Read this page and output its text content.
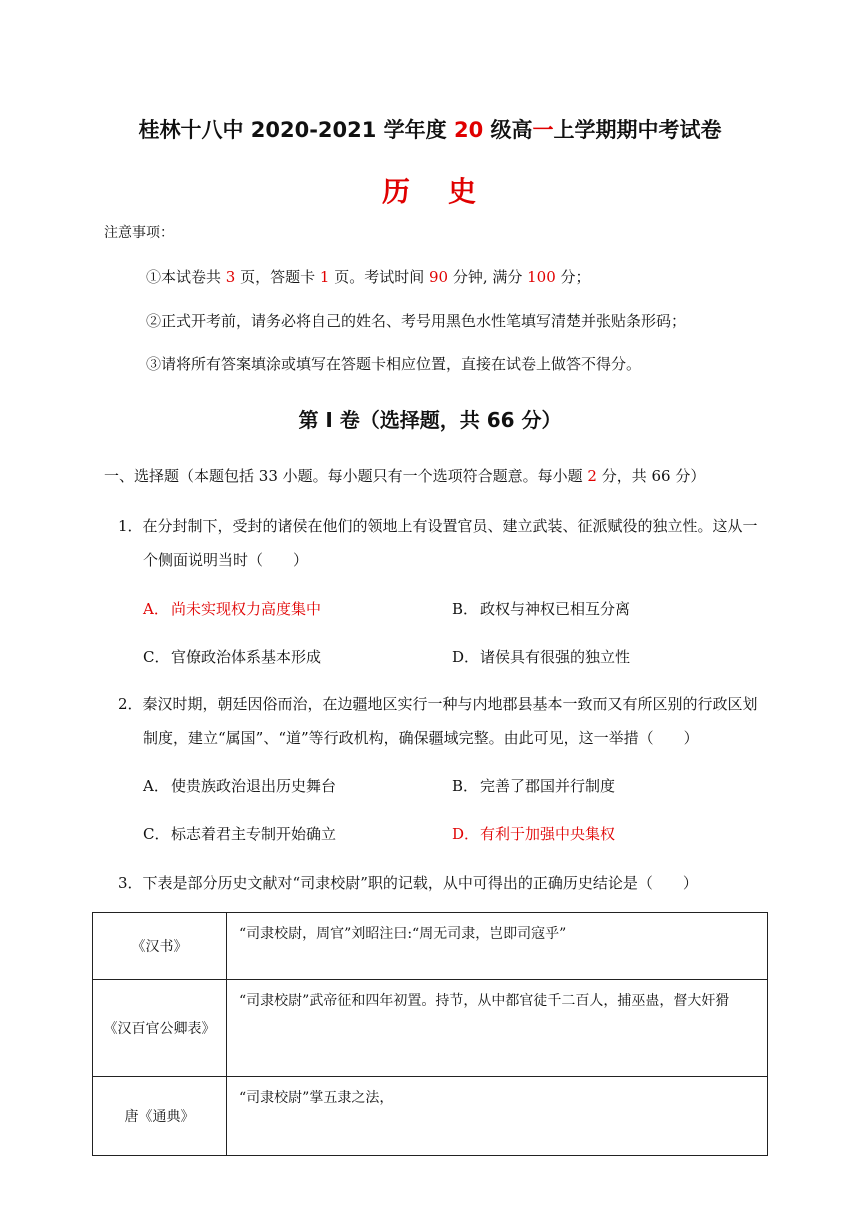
桂林十八中 2020-2021 学年度 20 级高一上学期期中考试卷
历 史
注意事项：
①本试卷共 3 页，答题卡 1 页。考试时间 90 分钟, 满分 100 分；
②正式开考前，请务必将自己的姓名、考号用黑色水性笔填写清楚并张贴条形码；
③请将所有答案填涂或填写在答题卡相应位置，直接在试卷上做答不得分。
第 I 卷（选择题，共 66 分）
一、选择题（本题包括 33 小题。每小题只有一个选项符合题意。每小题 2 分，共 66 分）
1．在分封制下，受封的诸侯在他们的领地上有设置官员、建立武装、征派赋役的独立性。这从一
个侧面说明当时（　　）
A． 尚未实现权力高度集中	B． 政权与神权已相互分离
C． 官僚政治体系基本形成	D．诸侯具有很强的独立性
2．秦汉时期，朝廷因俗而治，在边疆地区实行一种与内地郡县基本一致而又有所区别的行政区划
制度，建立“属国”、“道”等行政机构，确保疆域完整。由此可见，这一举措（　　）
A． 使贵族政治退出历史舞台	B． 完善了郡国并行制度
C． 标志着君主专制开始确立	D．有利于加强中央集权
3．下表是部分历史文献对“司隶校尉”职的记载，从中可得出的正确历史结论是（　　）
《汉书》	“司隶校尉，周官”刘昭注曰:“周无司隶，岂即司寇乎”
《汉百官公卿表》	“司隶校尉”武帝征和四年初置。持节，从中都官徒千二百人，捕巫蛊，督大奸猾
唐《通典》	“司隶校尉”掌五隶之法，
